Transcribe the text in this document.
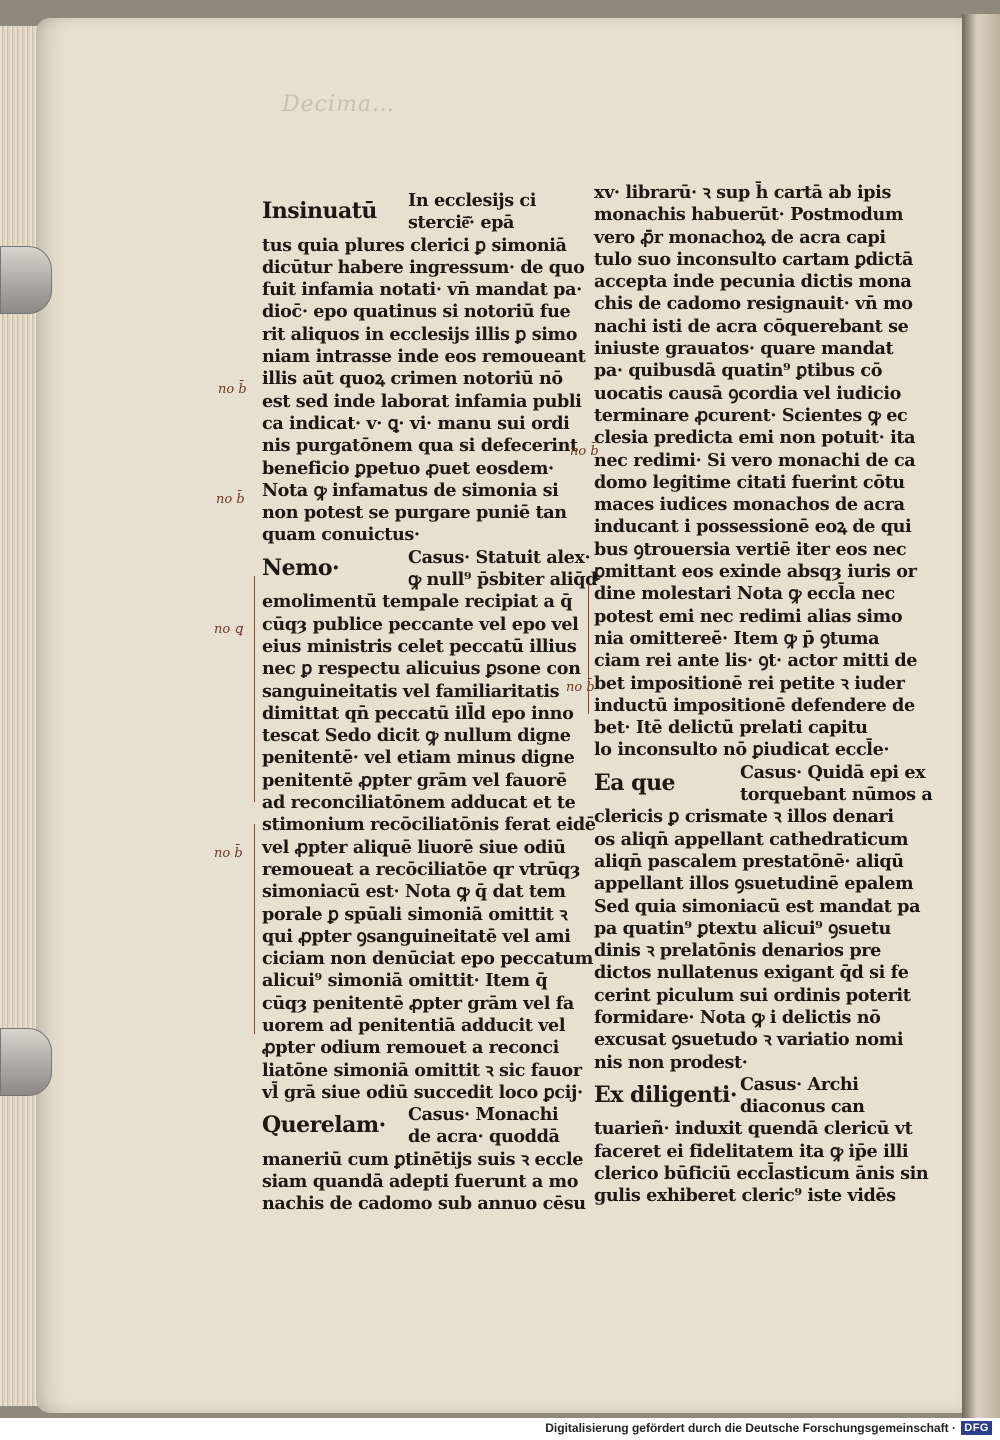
Decima…
Insinuatū In ecclesijs ci
sterciē͂· epā
tus quia plures clerici ꝑ simoniā
dicūtur habere ingressum· de quo
fuit infamia notati· vn̄ mandat pa·
dioc̄· epo quatinus si notoriū fue
rit aliquos in ecclesijs illis ꝑ simo
niam intrasse inde eos remoueant
illis aūt quoꝝ crimen notoriū nō
est sed inde laborat infamia publi
ca indicat· v· ꝗ· vi· manu sui ordi
nis purgatōnem qua si defecerint
beneficio ꝑpetuo ꝓuet eosdem·
Nota ꝙ infamatus de simonia si
non potest se purgare puniē tan
quam conuictus·
Nemo·	Casus· Statuit alex·
ꝙ null⁹ p̄sbiter aliq̄d
emolimentū tempale recipiat a q̄
cūqȝ publice peccante vel epo vel
eius ministris celet peccatū illius
nec ꝑ respectu alicuius ꝑsone con
sanguineitatis vel familiaritatis
dimittat qn̄ peccatū ill̄d epo inno
tescat Sedo dicit ꝙ nullum digne
penitentē· vel etiam minus digne
penitentē ꝓpter grām vel fauorē
ad reconciliatōnem adducat et te
stimonium recōciliatōnis ferat eidē
vel ꝓpter aliquē liuorē siue odiū
remoueat a recōciliatōe qr vtrūqȝ
simoniacū est· Nota ꝙ q̄ dat tem
porale ꝑ spūali simoniā omittit ꝛ
qui ꝓpter ꝯsanguineitatē vel ami
ciciam non denūciat epo peccatum
alicui⁹ simoniā omittit· Item q̄
cūqȝ penitentē ꝓpter grām vel fa
uorem ad penitentiā adducit vel
ꝓpter odium remouet a reconci
liatōne simoniā omittit ꝛ sic fauor
vl̄ grā siue odiū succedit loco ꝑcij·
Querelam· Casus· Monachi
de acra· quoddā
maneriū cum ꝑtinētijs suis ꝛ eccle
siam quandā adepti fuerunt a mo
nachis de cadomo sub annuo cēsu
xv· librarū· ꝛ sup h̄ cartā ab ipis
monachis habuerūt· Postmodum
vero ꝓ̄r monachoꝝ de acra capi
tulo suo inconsulto cartam ꝑdictā
accepta inde pecunia dictis mona
chis de cadomo resignauit· vn̄ mo
nachi isti de acra cōquerebant se
iniuste grauatos· quare mandat
pa· quibusdā quatin⁹ ꝑtibus cō
uocatis causā ꝯcordia vel iudicio
terminare ꝓcurent· Scientes ꝙ ec
clesia predicta emi non potuit· ita
nec redimi· Si vero monachi de ca
domo legitime citati fuerint cōtu
maces iudices monachos de acra
inducant i possessionē eoꝝ de qui
bus ꝯtrouersia vertiē iter eos nec
ꝑmittant eos exinde absqȝ iuris or
dine molestari Nota ꝙ eccl̄a nec
potest emi nec redimi alias simo
nia omittereē· Item ꝙ p̄ ꝯtuma
ciam rei ante lis· ꝯt· actor mitti de
bet impositionē rei petite ꝛ iuder
inductū impositionē defendere de
bet· Itē delictū prelati capitu
lo inconsulto nō ꝑiudicat eccl̄e·
Ea que	Casus· Quidā epi ex
torquebant nūmos a
clericis ꝑ crismate ꝛ illos denari
os aliqn̄ appellant cathedraticum
aliqn̄ pascalem prestatōnē· aliqū
appellant illos ꝯsuetudinē epalem
Sed quia simoniacū est mandat pa
pa quatin⁹ ꝑtextu alicui⁹ ꝯsuetu
dinis ꝛ prelatōnis denarios pre
dictos nullatenus exigant q̄d si fe
cerint piculum sui ordinis poterit
formidare· Nota ꝙ i delictis nō
excusat ꝯsuetudo ꝛ variatio nomi
nis non prodest·
Ex diligenti· Casus· Archi
diaconus can
tuarieñ· induxit quendā clericū vt
faceret ei fidelitatem ita ꝙ ip̄e illi
clerico būficiū eccl̄asticum ānis sin
gulis exhiberet cleric⁹ iste vidēs
no b̄
no b̄
no ꝗ
no b̄
no b̄
no b̄
Digitalisierung gefördert durch die Deutsche Forschungsgemeinschaft · DFG
